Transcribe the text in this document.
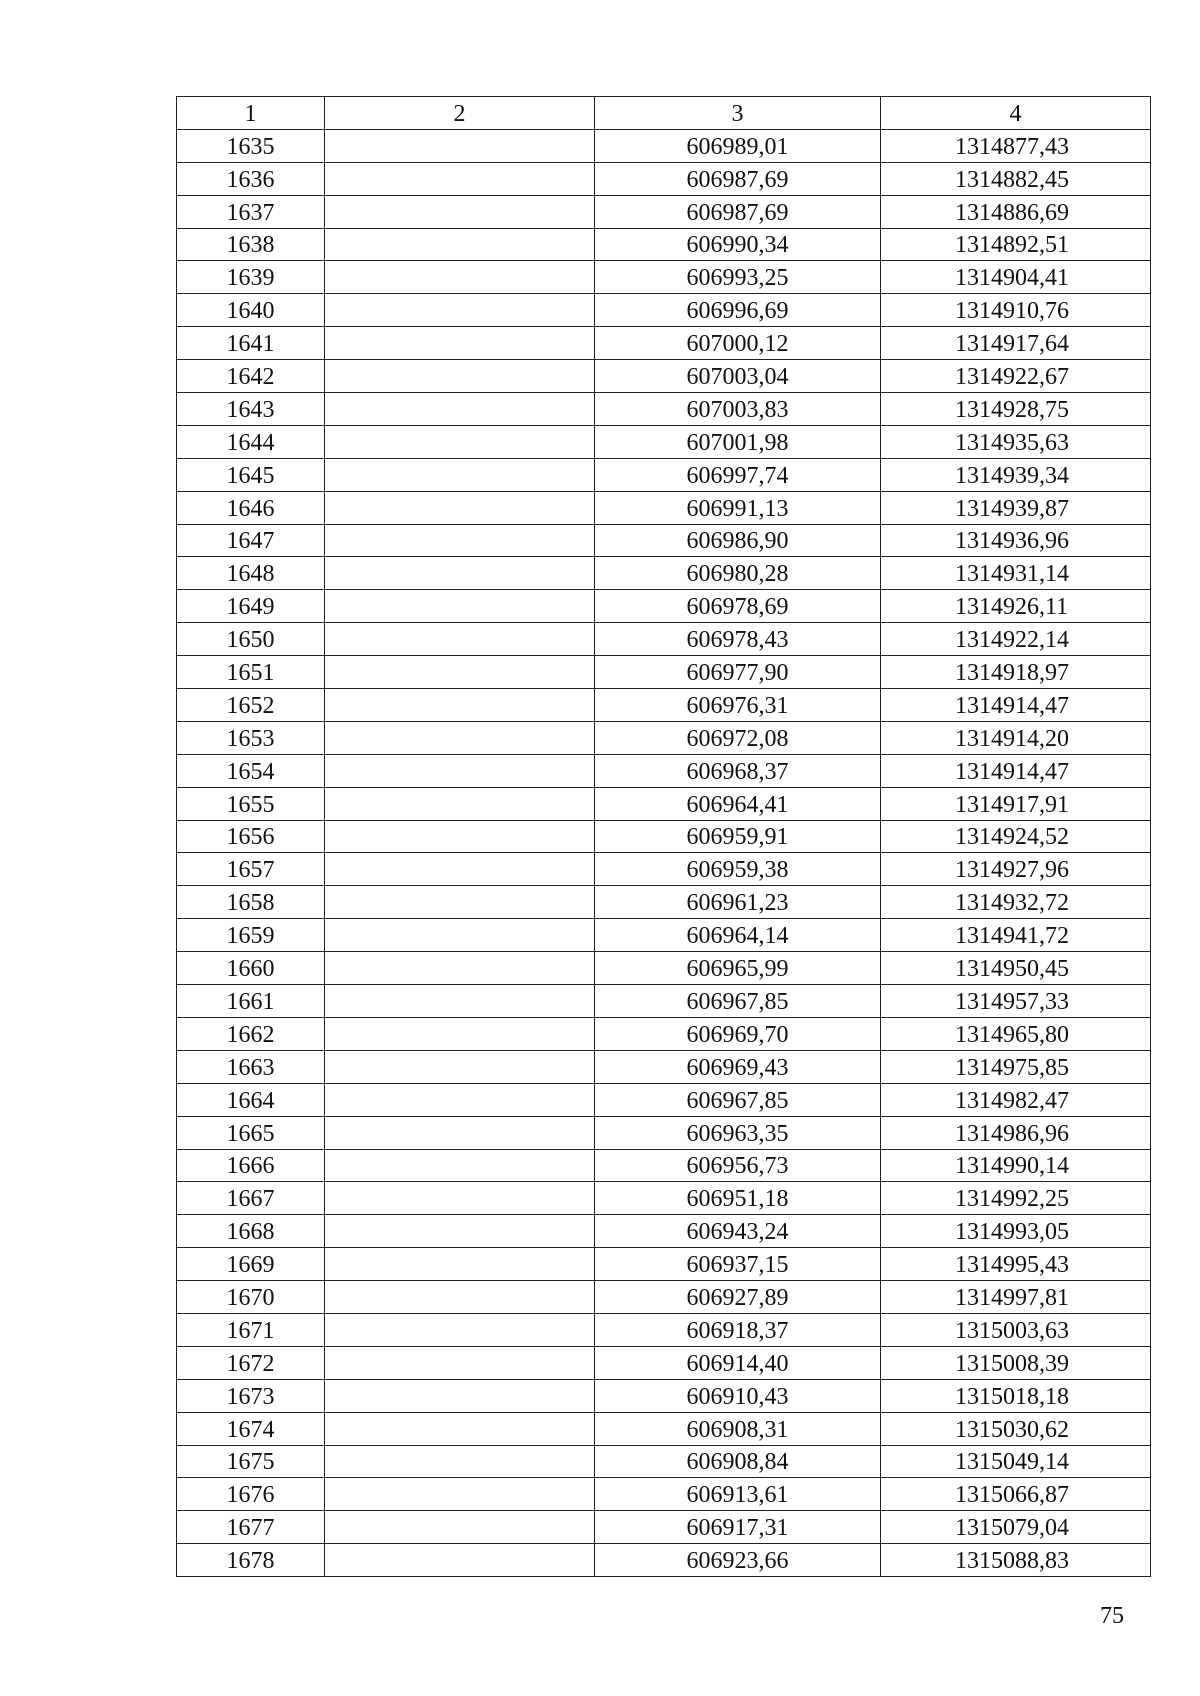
1	2	3	4
1635		606989,01	1314877,43
1636		606987,69	1314882,45
1637		606987,69	1314886,69
1638		606990,34	1314892,51
1639		606993,25	1314904,41
1640		606996,69	1314910,76
1641		607000,12	1314917,64
1642		607003,04	1314922,67
1643		607003,83	1314928,75
1644		607001,98	1314935,63
1645		606997,74	1314939,34
1646		606991,13	1314939,87
1647		606986,90	1314936,96
1648		606980,28	1314931,14
1649		606978,69	1314926,11
1650		606978,43	1314922,14
1651		606977,90	1314918,97
1652		606976,31	1314914,47
1653		606972,08	1314914,20
1654		606968,37	1314914,47
1655		606964,41	1314917,91
1656		606959,91	1314924,52
1657		606959,38	1314927,96
1658		606961,23	1314932,72
1659		606964,14	1314941,72
1660		606965,99	1314950,45
1661		606967,85	1314957,33
1662		606969,70	1314965,80
1663		606969,43	1314975,85
1664		606967,85	1314982,47
1665		606963,35	1314986,96
1666		606956,73	1314990,14
1667		606951,18	1314992,25
1668		606943,24	1314993,05
1669		606937,15	1314995,43
1670		606927,89	1314997,81
1671		606918,37	1315003,63
1672		606914,40	1315008,39
1673		606910,43	1315018,18
1674		606908,31	1315030,62
1675		606908,84	1315049,14
1676		606913,61	1315066,87
1677		606917,31	1315079,04
1678		606923,66	1315088,83
75
